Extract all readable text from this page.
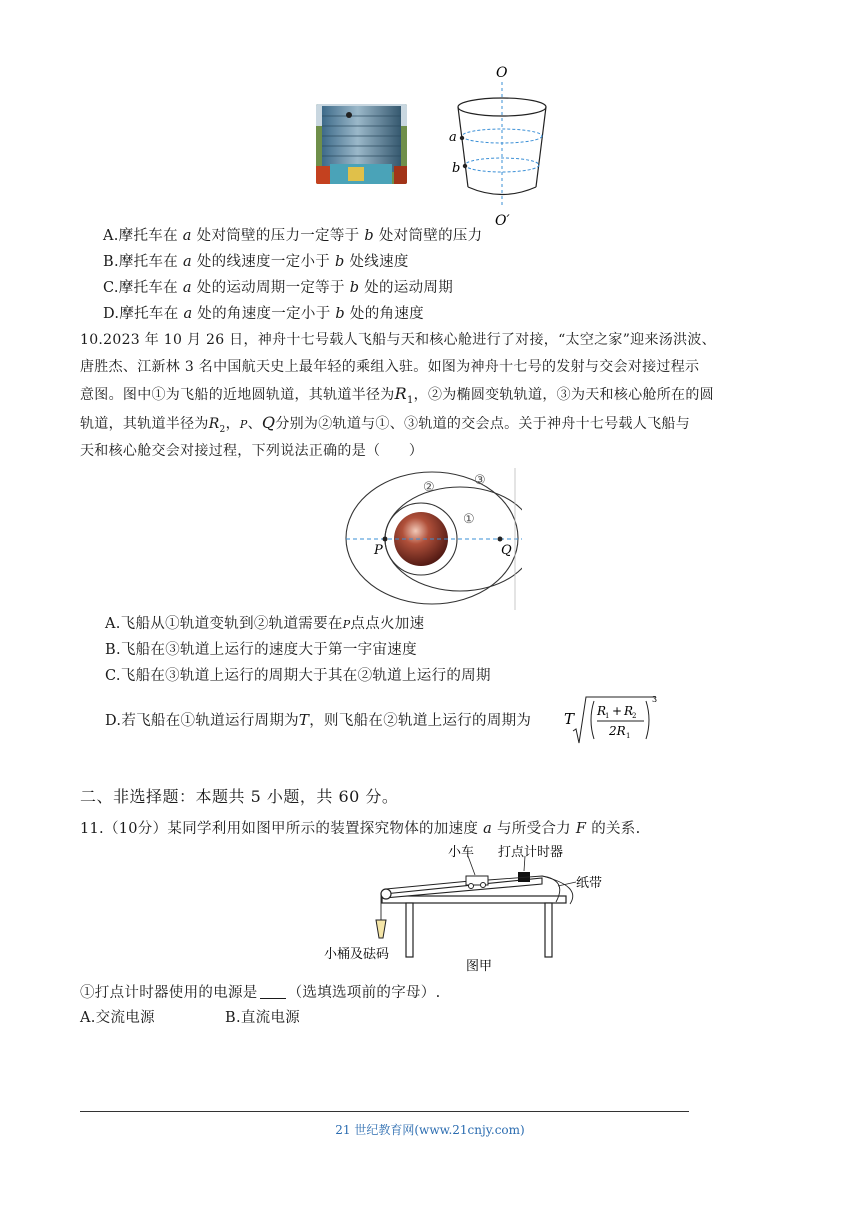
O
O′
a
b
A.摩托车在 a 处对筒壁的压力一定等于 b 处对筒壁的压力
B.摩托车在 a 处的线速度一定小于 b 处线速度
C.摩托车在 a 处的运动周期一定等于 b 处的运动周期
D.摩托车在 a 处的角速度一定小于 b 处的角速度
10.2023 年 10 月 26 日，神舟十七号载人飞船与天和核心舱进行了对接，“太空之家”迎来汤洪波、
唐胜杰、江新林 3 名中国航天史上最年轻的乘组入驻。如图为神舟十七号的发射与交会对接过程示
意图。图中①为飞船的近地圆轨道，其轨道半径为$R_1$，②为椭圆变轨轨道，③为天和核心舱所在的圆
轨道，其轨道半径为$R_2$，P、Q分别为②轨道与①、③轨道的交会点。关于神舟十七号载人飞船与
天和核心舱交会对接过程，下列说法正确的是（　　）
①
②	③
P	Q
A.飞船从①轨道变轨到②轨道需要在P点点火加速
B.飞船在③轨道上运行的速度大于第一宇宙速度
C.飞船在③轨道上运行的周期大于其在②轨道上运行的周期
D.若飞船在①轨道运行周期为T，则飞船在②轨道上运行的周期为 T R
1 + R
2
2R 1
3
二、非选择题：本题共 5 小题，共 60 分。
11.（10分）某同学利用如图甲所示的装置探究物体的加速度 a 与所受合力 F 的关系.
小车 打点计时器
纸带
小桶及砝码
图甲
①打点计时器使用的电源是 （选填选项前的字母）.
A.交流电源	B.直流电源
21 世纪教育网(www.21cnjy.com)
